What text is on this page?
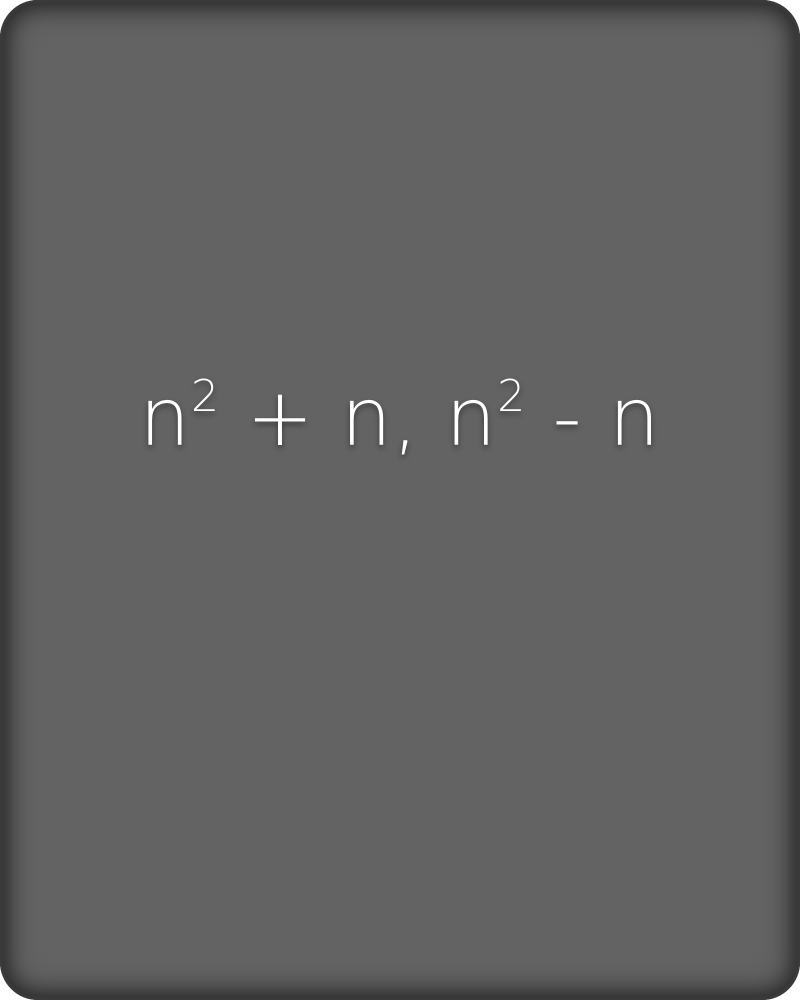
$n^2 + n$, $n^2$ - n
